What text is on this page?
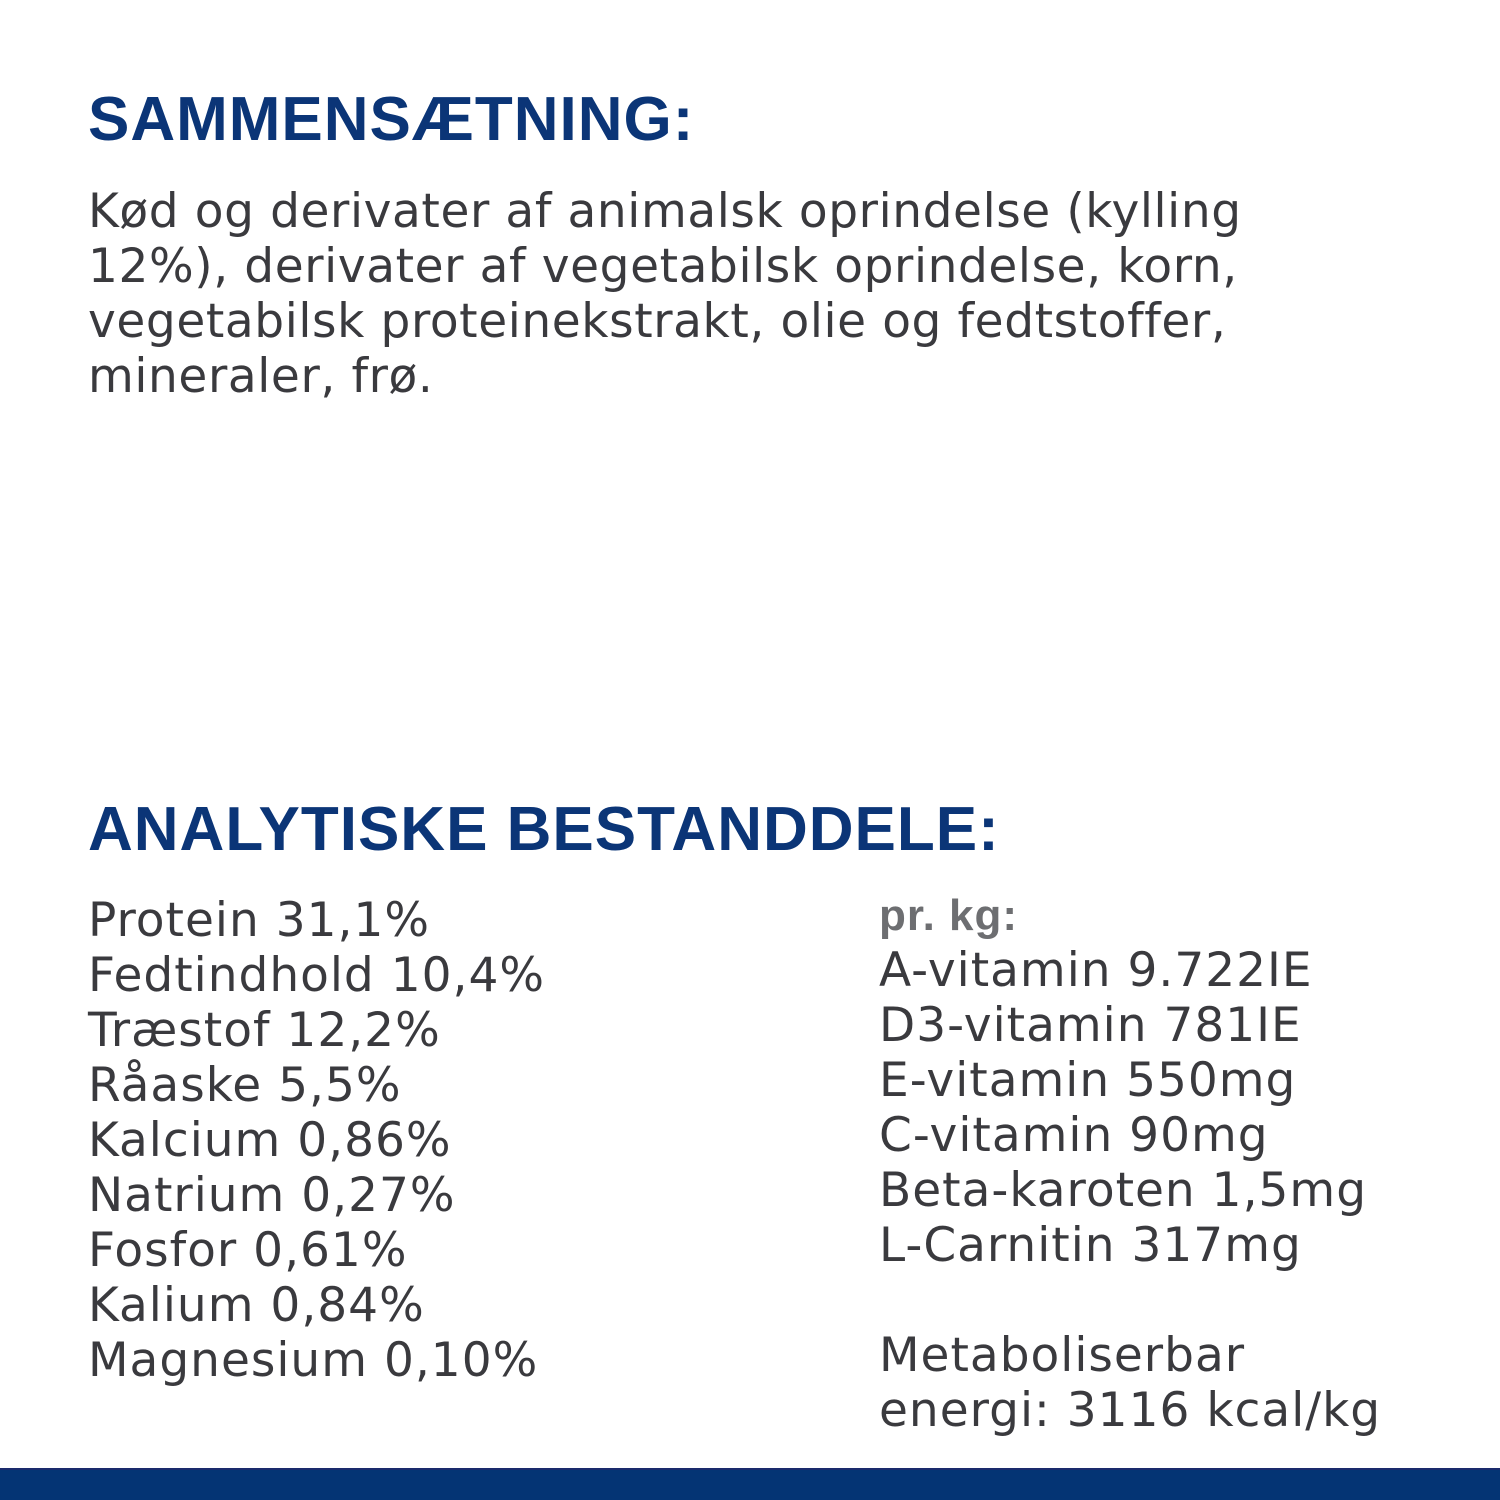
SAMMENSÆTNING:

Kød og derivater af animalsk oprindelse (kylling
12%), derivater af vegetabilsk oprindelse, korn,
vegetabilsk proteinekstrakt, olie og fedtstoffer,
mineraler, frø.

ANALYTISKE BESTANDDELE:
Protein 31,1%
Fedtindhold 10,4%
Træstof 12,2%
Råaske 5,5%
Kalcium 0,86%
Natrium 0,27%
Fosfor 0,61%
Kalium 0,84%
Magnesium 0,10%
pr. kg:
A-vitamin 9.722IE
D3-vitamin 781IE
E-vitamin 550mg
C-vitamin 90mg
Beta-karoten 1,5mg
L-Carnitin 317mg
Metaboliserbar
energi: 3116 kcal/kg
